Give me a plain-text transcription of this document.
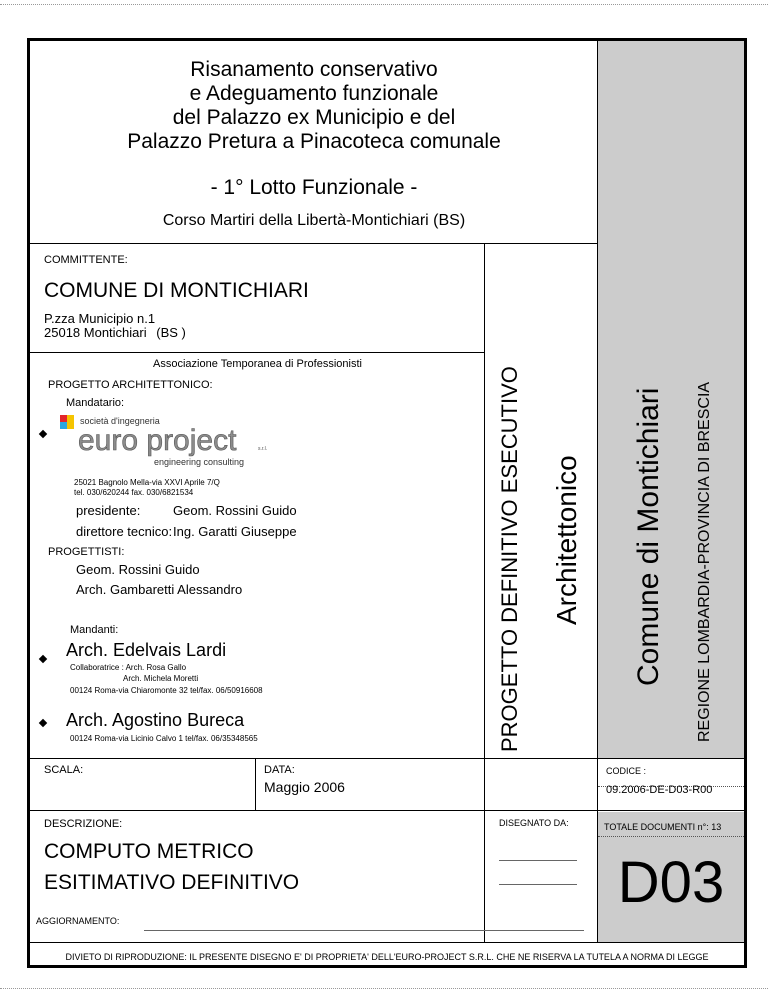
Risanamento conservativo
e Adeguamento funzionale
del Palazzo ex Municipio e del
Palazzo Pretura a Pinacoteca comunale
- 1° Lotto Funzionale -
Corso Martiri della Libertà-Montichiari (BS)
COMMITTENTE:
COMUNE DI MONTICHIARI
P.zza Municipio n.1
25018 Montichiari (BS )
Associazione Temporanea di Professionisti
PROGETTO ARCHITETTONICO:
Mandatario:
società d'ingegneria
euro project	s.r.l.
engineering consulting
25021 Bagnolo Mella-via XXVI Aprile 7/Q
tel. 030/620244 fax. 030/6821534
presidente:	Geom. Rossini Guido
direttore tecnico: Ing. Garatti Giuseppe
PROGETTISTI:
Geom. Rossini Guido
Arch. Gambaretti Alessandro
Mandanti:
Arch. Edelvais Lardi
Collaboratrice : Arch. Rosa Gallo
Arch. Michela Moretti
00124 Roma-via Chiaromonte 32 tel/fax. 06/50916608
Arch. Agostino Bureca
00124 Roma-via Licinio Calvo 1 tel/fax. 06/35348565	PROGETTO DEFINITIVO ESECUTIVO Architettonico Comune di Montichiari REGIONE LOMBARDIA-PROVINCIA DI BRESCIA
SCALA:	DATA:
Maggio 2006
CODICE :
09.2006-DE-D03-R00
DESCRIZIONE:
COMPUTO METRICO
ESITIMATIVO DEFINITIVO
DISEGNATO DA:	TOTALE DOCUMENTI n°: 13
D03
AGGIORNAMENTO:
DIVIETO DI RIPRODUZIONE: IL PRESENTE DISEGNO E' DI PROPRIETA' DELL'EURO-PROJECT S.R.L. CHE NE RISERVA LA TUTELA A NORMA DI LEGGE
